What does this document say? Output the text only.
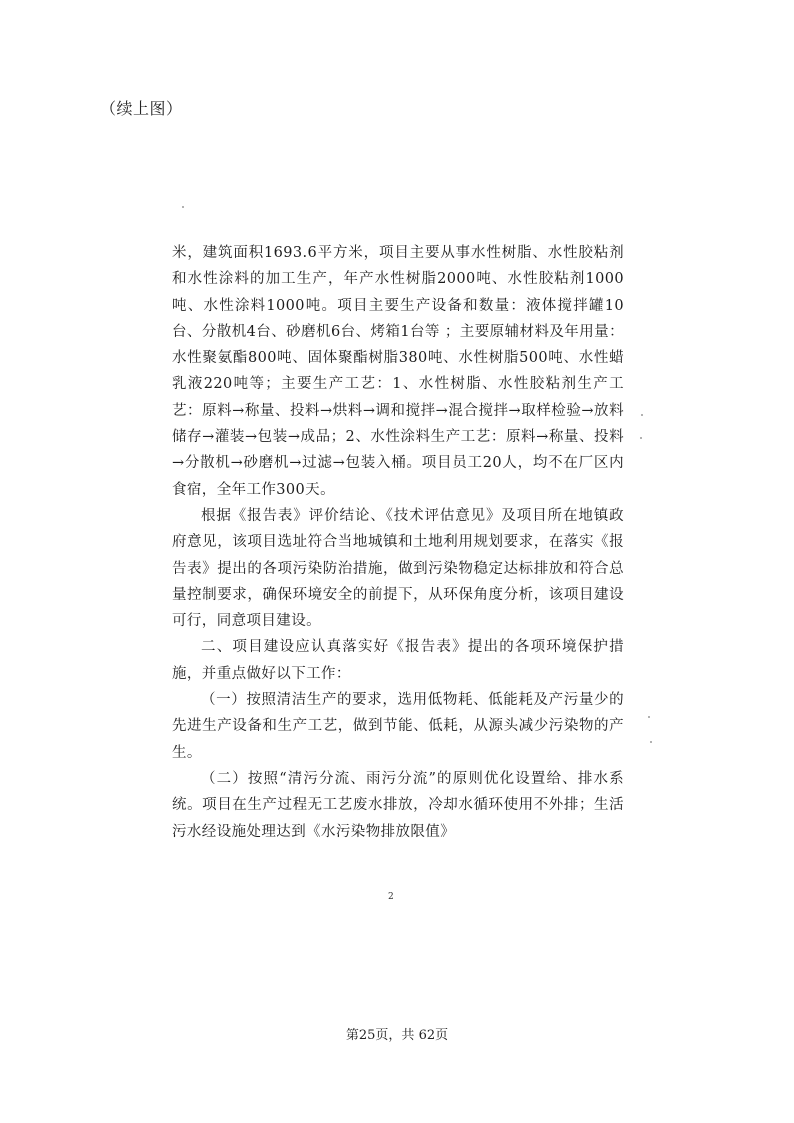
（续上图）

米，建筑面积1693.6平方米，项目主要从事水性树脂、水性胶粘剂和水性涂料的加工生产，年产水性树脂2000吨、水性胶粘剂1000吨、水性涂料1000吨。项目主要生产设备和数量：液体搅拌罐10台、分散机4台、砂磨机6台、烤箱1台等 ；主要原辅材料及年用量：水性聚氨酯800吨、固体聚酯树脂380吨、水性树脂500吨、水性蜡乳液220吨等；主要生产工艺：1、水性树脂、水性胶粘剂生产工艺：原料→称量、投料→烘料→调和搅拌→混合搅拌→取样检验→放料储存→灌装→包装→成品；2、水性涂料生产工艺：原料→称量、投料→分散机→砂磨机→过滤→包装入桶。项目员工20人，均不在厂区内食宿，全年工作300天。

根据《报告表》评价结论、《技术评估意见》及项目所在地镇政府意见，该项目选址符合当地城镇和土地利用规划要求，在落实《报告表》提出的各项污染防治措施，做到污染物稳定达标排放和符合总量控制要求，确保环境安全的前提下，从环保角度分析，该项目建设可行，同意项目建设。

二、项目建设应认真落实好《报告表》提出的各项环境保护措施，并重点做好以下工作：

（一）按照清洁生产的要求，选用低物耗、低能耗及产污量少的先进生产设备和生产工艺，做到节能、低耗，从源头减少污染物的产生。

（二）按照“清污分流、雨污分流”的原则优化设置给、排水系统。项目在生产过程无工艺废水排放，冷却水循环使用不外排；生活污水经设施处理达到《水污染物排放限值》

2
第25页，共 62页
